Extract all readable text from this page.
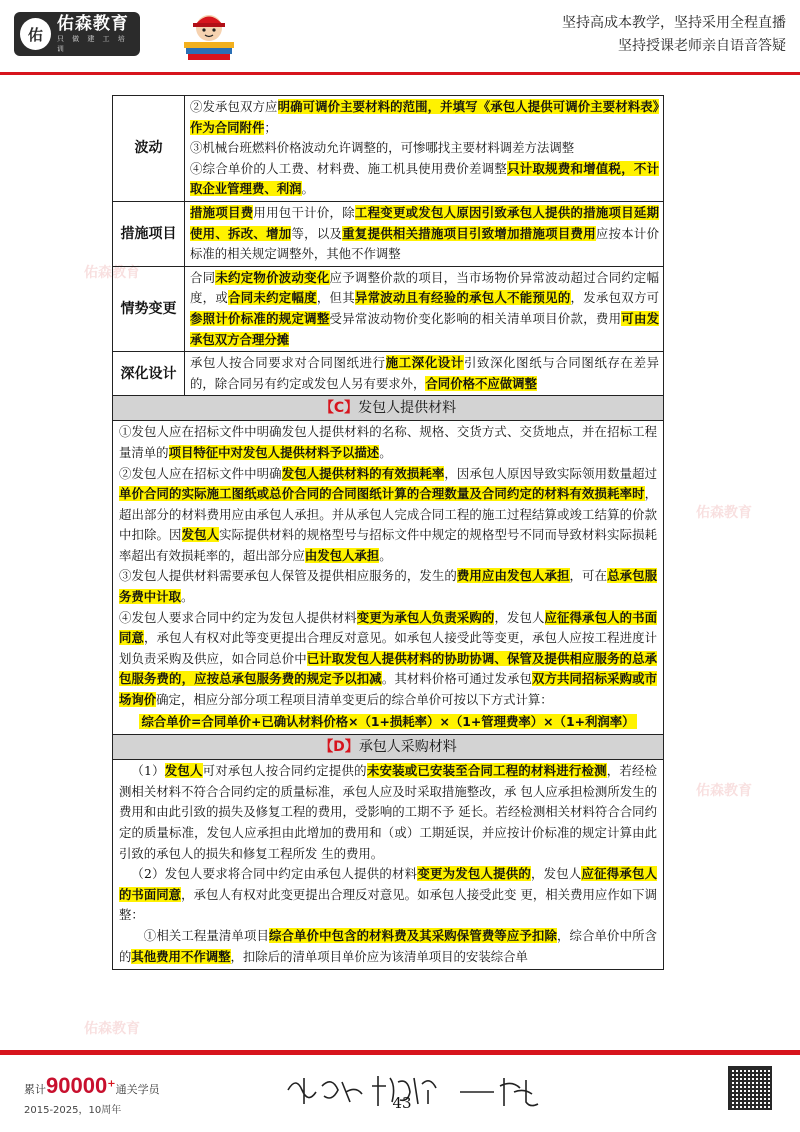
佑
佑森教育
只 做 建 工 培 训
坚持高成本教学，坚持采用全程直播
坚持授课老师亲自语音答疑
佑森教育
佑森教育
佑森教育
佑森教育
波动
②发承包双方应明确可调价主要材料的范围，并填写《承包人提供可调价主要材料表》作为合同附件；
③机械台班燃料价格波动允许调整的，可惨哪找主要材料调差方法调整
④综合单价的人工费、材料费、施工机具使用费价差调整只计取规费和增值税，不计取企业管理费、利润。
措施项目
措施项目费用用包干计价，除工程变更或发包人原因引致承包人提供的措施项目延期使用、拆改、增加等，以及重复提供相关措施项目引致增加措施项目费用应按本计价标准的相关规定调整外，其他不作调整
情势变更
合同未约定物价波动变化应予调整价款的项目，当市场物价异常波动超过合同约定幅度，或合同未约定幅度，但其异常波动且有经验的承包人不能预见的，发承包双方可参照计价标准的规定调整受异常波动物价变化影响的相关清单项目价款，费用可由发承包双方合理分摊
深化设计
承包人按合同要求对合同图纸进行施工深化设计引致深化图纸与合同图纸存在差异的，除合同另有约定或发包人另有要求外，合同价格不应做调整
【C】发包人提供材料
①发包人应在招标文件中明确发包人提供材料的名称、规格、交货方式、交货地点，并在招标工程量清单的项目特征中对发包人提供材料予以描述。
②发包人应在招标文件中明确发包人提供材料的有效损耗率，因承包人原因导致实际领用数量超过单价合同的实际施工图纸或总价合同的合同图纸计算的合理数量及合同约定的材料有效损耗率时，超出部分的材料费用应由承包人承担。并从承包人完成合同工程的施工过程结算或竣工结算的价款中扣除。因发包人实际提供材料的规格型号与招标文件中规定的规格型号不同而导致材料实际损耗率超出有效损耗率的，超出部分应由发包人承担。
③发包人提供材料需要承包人保管及提供相应服务的，发生的费用应由发包人承担，可在总承包服务费中计取。
④发包人要求合同中约定为发包人提供材料变更为承包人负责采购的，发包人应征得承包人的书面同意，承包人有权对此等变更提出合理反对意见。如承包人接受此等变更，承包人应按工程进度计划负责采购及供应，如合同总价中已计取发包人提供材料的协助协调、保管及提供相应服务的总承包服务费的，应按总承包服务费的规定予以扣减。其材料价格可通过发承包双方共同招标采购或市场询价确定，相应分部分项工程项目清单变更后的综合单价可按以下方式计算：
综合单价=合同单价+已确认材料价格×（1+损耗率）×（1+管理费率）×（1+利润率）
【D】承包人采购材料
（1）发包人可对承包人按合同约定提供的未安装或已安装至合同工程的材料进行检测，若经检测相关材料不符合合同约定的质量标准，承包人应及时采取措施整改，承 包人应承担检测所发生的费用和由此引致的损失及修复工程的费用，受影响的工期不予 延长。若经检测相关材料符合合同约定的质量标准，发包人应承担由此增加的费用和（或）工期延误，并应按计价标准的规定计算由此引致的承包人的损失和修复工程所发 生的费用。
（2）发包人要求将合同中约定由承包人提供的材料变更为发包人提供的，发包人应征得承包人的书面同意，承包人有权对此变更提出合理反对意见。如承包人接受此变 更，相关费用应作如下调整：
①相关工程量清单项目综合单价中包含的材料费及其采购保管费等应予扣除，综合单价中所含的其他费用不作调整，扣除后的清单项目单价应为该清单项目的安装综合单
累计90000+通关学员
2015-2025，10周年
专业专注 精益求精 一流服务
43
